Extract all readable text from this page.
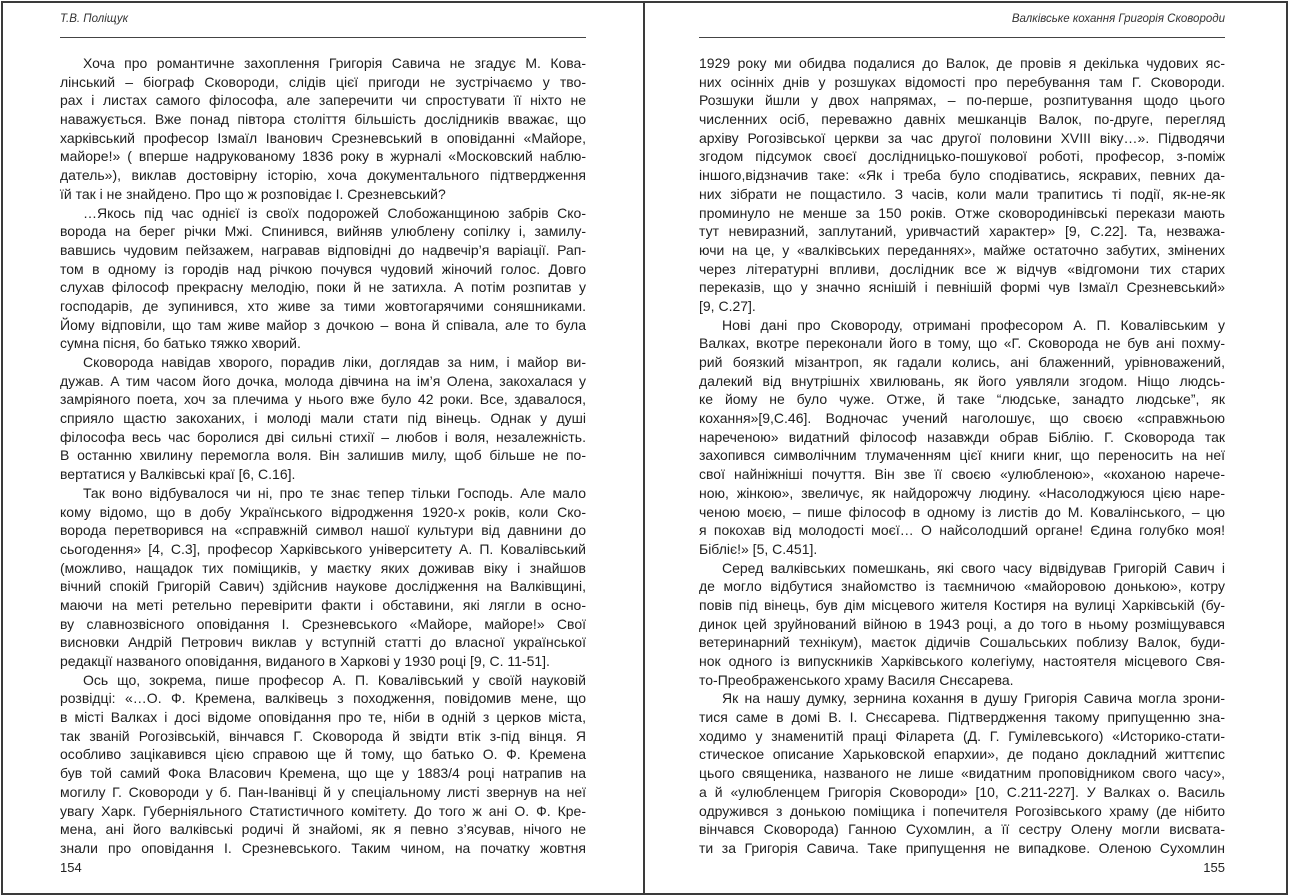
Т.В. Поліщук
Хоча про романтичне захоплення Григорія Савича не згадує М. Кова-
лінський – біограф Сковороди, слідів цієї пригоди не зустрічаємо у тво-
рах і листах самого філософа, але заперечити чи спростувати її ніхто не
наважується. Вже понад півтора століття більшість дослідників вважає, що
харківський професор Ізмаїл Іванович Срезневський в оповіданні «Майоре,
майоре!» ( вперше надрукованому 1836 року в журналі «Московский наблю-
датель»), виклав достовірну історію, хоча документального підтвердження
їй так і не знайдено. Про що ж розповідає І. Срезневський?
…Якось під час однієї із своїх подорожей Слобожанщиною забрів Ско-
ворода на берег річки Мжі. Спинився, вийняв улюблену сопілку і, замилу-
вавшись чудовим пейзажем, награвав відповідні до надвечір’я варіації. Рап-
том в одному із городів над річкою почувся чудовий жіночий голос. Довго
слухав філософ прекрасну мелодію, поки й не затихла. А потім розпитав у
господарів, де зупинився, хто живе за тими жовтогарячими соняшниками.
Йому відповіли, що там живе майор з дочкою – вона й співала, але то була
сумна пісня, бо батько тяжко хворий.
Сковорода навідав хворого, порадив ліки, доглядав за ним, і майор ви-
дужав. А тим часом його дочка, молода дівчина на ім’я Олена, закохалася у
замріяного поета, хоч за плечима у нього вже було 42 роки. Все, здавалося,
сприяло щастю закоханих, і молоді мали стати під вінець. Однак у душі
філософа весь час боролися дві сильні стихії – любов і воля, незалежність.
В останню хвилину перемогла воля. Він залишив милу, щоб більше не по-
вертатися у Валківські краї [6, С.16].
Так воно відбувалося чи ні, про те знає тепер тільки Господь. Але мало
кому відомо, що в добу Українського відродження 1920-х років, коли Ско-
ворода перетворився на «справжній символ нашої культури від давнини до
сьогодення» [4, С.3], професор Харківського університету А. П. Ковалівський
(можливо, нащадок тих поміщиків, у маєтку яких доживав віку і знайшов
вічний спокій Григорій Савич) здійснив наукове дослідження на Валківщині,
маючи на меті ретельно перевірити факти і обставини, які лягли в осно-
ву славнозвісного оповідання І. Срезневського «Майоре, майоре!» Свої
висновки Андрій Петрович виклав у вступній статті до власної української
редакції названого оповідання, виданого в Харкові у 1930 році [9, С. 11-51].
Ось що, зокрема, пише професор А. П. Ковалівський у своїй науковій
розвідці: «…О. Ф. Кремена, валківець з походження, повідомив мене, що
в місті Валках і досі відоме оповідання про те, ніби в одній з церков міста,
так званій Рогозівській, вінчався Г. Сковорода й звідти втік з-під вінця. Я
особливо зацікавився цією справою ще й тому, що батько О. Ф. Кремена
був той самий Фока Власович Кремена, що ще у 1883/4 році натрапив на
могилу Г. Сковороди у б. Пан-Іванівці й у спеціальному листі звернув на неї
увагу Харк. Губерніяльного Статистичного комітету. До того ж ані О. Ф. Кре-
мена, ані його валківські родичі й знайомі, як я певно з’ясував, нічого не
знали про оповідання І. Срезневського. Таким чином, на початку жовтня
154
Валківське кохання Григорія Сковороди
1929 року ми обидва подалися до Валок, де провів я декілька чудових яс-
них осінніх днів у розшуках відомості про перебування там Г. Сковороди.
Розшуки йшли у двох напрямах, – по-перше, розпитування щодо цього
численних осіб, переважно давніх мешканців Валок, по-друге, перегляд
архіву Рогозівської церкви за час другої половини XVIII віку…». Підводячи
згодом підсумок своєї дослідницько-пошукової роботі, професор, з-поміж
іншого,відзначив таке: «Як і треба було сподіватись, яскравих, певних да-
них зібрати не пощастило. З часів, коли мали трапитись ті події, як-не-як
проминуло не менше за 150 років. Отже сковородинівські перекази мають
тут невиразний, заплутаний, уривчастий характер» [9, С.22]. Та, незважа-
ючи на це, у «валківських переданнях», майже остаточно забутих, змінених
через літературні впливи, дослідник все ж відчув «відгомони тих старих
переказів, що у значно яснішій і певнішій формі чув Ізмаїл Срезневський»
[9, С.27].
Нові дані про Сковороду, отримані професором А. П. Ковалівським у
Валках, вкотре переконали його в тому, що «Г. Сковорода не був ані похму-
рий боязкий мізантроп, як гадали колись, ані блаженний, урівноважений,
далекий від внутрішніх хвилювань, як його уявляли згодом. Ніщо людсь-
ке йому не було чуже. Отже, й таке “людське, занадто людське”, як
кохання»[9,С.46]. Водночас учений наголошує, що своєю «справжньою
нареченою» видатний філософ назавжди обрав Біблію. Г. Сковорода так
захопився символічним тлумаченням цієї книги книг, що переносить на неї
свої найніжніші почуття. Він зве її своєю «улюбленою», «коханою нарече-
ною, жінкою», звеличує, як найдорожчу людину. «Насолоджуюся цією наре-
ченою моєю, – пише філософ в одному із листів до М. Ковалінського, – цю
я покохав від молодості моєї… О найсолодший органе! Єдина голубко моя!
Бібліє!» [5, С.451].
Серед валківських помешкань, які свого часу відвідував Григорій Савич і
де могло відбутися знайомство із таємничою «майоровою донькою», котру
повів під вінець, був дім місцевого жителя Костиря на вулиці Харківській (бу-
динок цей зруйнований війною в 1943 році, а до того в ньому розміщувався
ветеринарний технікум), маєток дідичів Сошальських поблизу Валок, буди-
нок одного із випускників Харківського колегіуму, настоятеля місцевого Свя-
то-Преображенського храму Василя Снєсарева.
Як на нашу думку, зернина кохання в душу Григорія Савича могла зрони-
тися саме в домі В. І. Снєсарева. Підтвердження такому припущенню зна-
ходимо у знаменитій праці Філарета (Д. Г. Гумілевського) «Историко-стати-
стическое описание Харьковской епархии», де подано докладний життєпис
цього священика, названого не лише «видатним проповідником свого часу»,
а й «улюбленцем Григорія Сковороди» [10, С.211-227]. У Валках о. Василь
одружився з донькою поміщика і попечителя Рогозівського храму (де нібито
вінчався Сковорода) Ганною Сухомлин, а її сестру Олену могли висвата-
ти за Григорія Савича. Таке припущення не випадкове. Оленою Сухомлин
155
